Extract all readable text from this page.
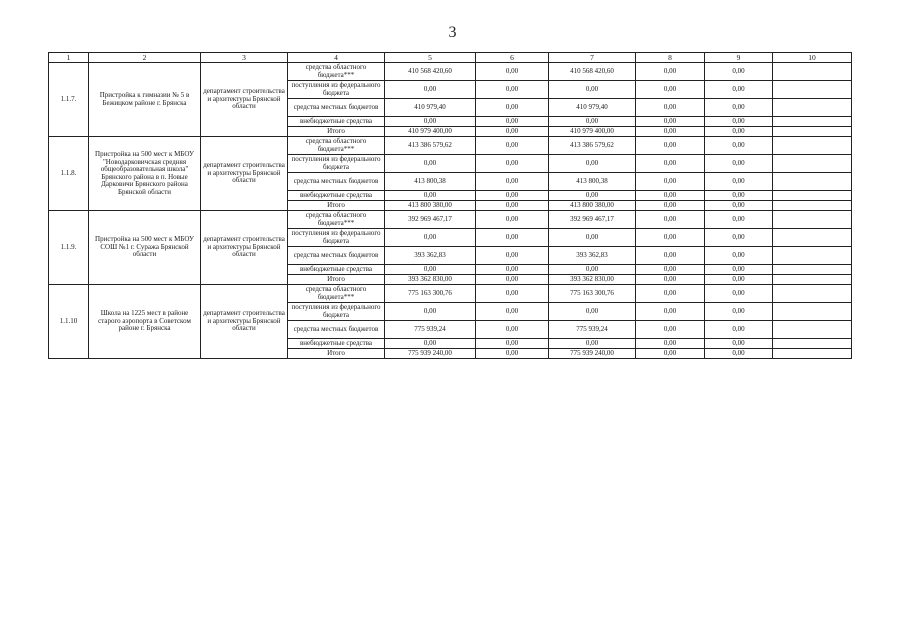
3
1	2	3	4	5	6	7	8	9	10
1.1.7.	Пристройка к гимназии № 5 в Бежицком районе г. Брянска	департамент строительства и архитектуры Брянской области	средства областного бюджета***	410 568 420,60	0,00	410 568 420,60	0,00	0,00	
			поступления из федерального бюджета	0,00	0,00	0,00	0,00	0,00	
			средства местных бюджетов	410 979,40	0,00	410 979,40	0,00	0,00	
			внебюджетные средства	0,00	0,00	0,00	0,00	0,00	
			Итого	410 979 400,00	0,00	410 979 400,00	0,00	0,00	
1.1.8.	Пристройка на 500 мест к МБОУ "Новодарковичская средняя общеобразовательная школа" Брянского района в п. Новые Дарковичи Брянского района Брянской области	департамент строительства и архитектуры Брянской области	средства областного бюджета***	413 386 579,62	0,00	413 386 579,62	0,00	0,00	
			поступления из федерального бюджета	0,00	0,00	0,00	0,00	0,00	
			средства местных бюджетов	413 800,38	0,00	413 800,38	0,00	0,00	
			внебюджетные средства	0,00	0,00	0,00	0,00	0,00	
			Итого	413 800 380,00	0,00	413 800 380,00	0,00	0,00	
1.1.9.	Пристройка на 500 мест к МБОУ СОШ №1 г. Суража Брянской области	департамент строительства и архитектуры Брянской области	средства областного бюджета***	392 969 467,17	0,00	392 969 467,17	0,00	0,00	
			поступления из федерального бюджета	0,00	0,00	0,00	0,00	0,00	
			средства местных бюджетов	393 362,83	0,00	393 362,83	0,00	0,00	
			внебюджетные средства	0,00	0,00	0,00	0,00	0,00	
			Итого	393 362 830,00	0,00	393 362 830,00	0,00	0,00	
1.1.10	Школа на 1225 мест в районе старого аэропорта в Советском районе г. Брянска	департамент строительства и архитектуры Брянской области	средства областного бюджета***	775 163 300,76	0,00	775 163 300,76	0,00	0,00	
			поступления из федерального бюджета	0,00	0,00	0,00	0,00	0,00	
			средства местных бюджетов	775 939,24	0,00	775 939,24	0,00	0,00	
			внебюджетные средства	0,00	0,00	0,00	0,00	0,00	
			Итого	775 939 240,00	0,00	775 939 240,00	0,00	0,00	
